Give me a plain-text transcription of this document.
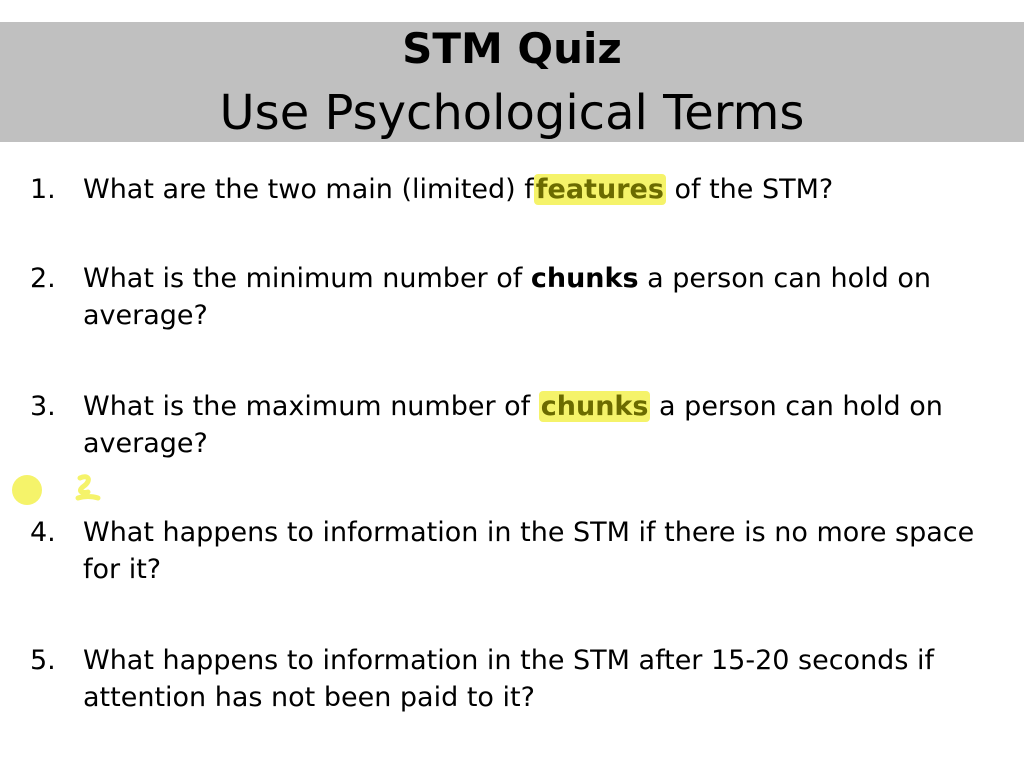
STM Quiz
Use Psychological Terms
1. What are the two main (limited) ffeatures of the STM?
2. What is the minimum number of chunks a person can hold on average?
3. What is the maximum number of chunks a person can hold on average?
4. What happens to information in the STM if there is no more space for it?
5. What happens to information in the STM after 15-20 seconds if attention has not been paid to it?
